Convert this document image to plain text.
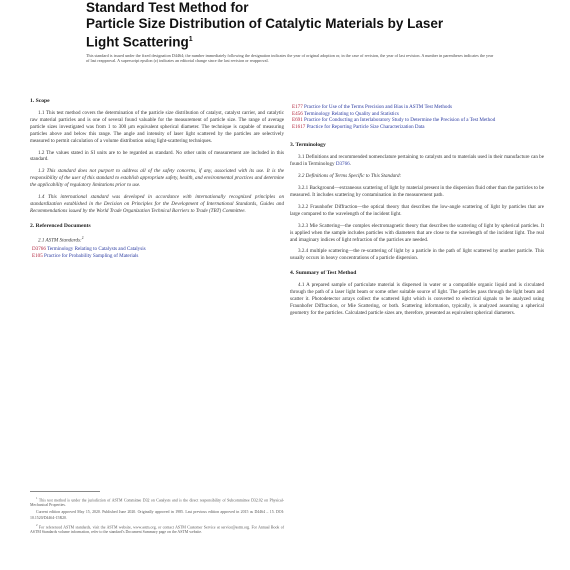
Standard Test Method for
Particle Size Distribution of Catalytic Materials by Laser
Light Scattering$^1$
This standard is issued under the fixed designation D4464; the number immediately following the designation indicates the year of original adoption or, in the case of revision, the year of last revision. A number in parentheses indicates the year of last reapproval. A superscript epsilon (ε) indicates an editorial change since the last revision or reapproval.
1. Scope

1.1 This test method covers the determination of the particle size distribution of catalyst, catalyst carrier, and catalytic raw material particles and is one of several found valuable for the measurement of particle size. The range of average particle sizes investigated was from 1 to 300 μm equivalent spherical diameter. The technique is capable of measuring particles above and below this range. The angle and intensity of laser light scattered by the particles are selectively measured to permit calculation of a volume distribution using light-scattering techniques.

1.2 The values stated in SI units are to be regarded as standard. No other units of measurement are included in this standard.

1.3 This standard does not purport to address all of the safety concerns, if any, associated with its use. It is the responsibility of the user of this standard to establish appropriate safety, health, and environmental practices and determine the applicability of regulatory limitations prior to use.

1.4 This international standard was developed in accordance with internationally recognized principles on standardization established in the Decision on Principles for the Development of International Standards, Guides and Recommendations issued by the World Trade Organization Technical Barriers to Trade (TBT) Committee.

2. Referenced Documents
2.1 ASTM Standards:$^2$

D3766 Terminology Relating to Catalysts and Catalysis

E105 Practice for Probability Sampling of Materials

$^1$ This test method is under the jurisdiction of ASTM Committee D32 on Catalysts and is the direct responsibility of Subcommittee D32.02 on Physical-Mechanical Properties.

Current edition approved May 15, 2020. Published June 2020. Originally approved in 1985. Last previous edition approved in 2015 as D4464 – 15. DOI: 10.1520/D4464-15R20.

$^2$ For referenced ASTM standards, visit the ASTM website, www.astm.org, or contact ASTM Customer Service at service@astm.org. For Annual Book of ASTM Standards volume information, refer to the standard's Document Summary page on the ASTM website.

E177 Practice for Use of the Terms Precision and Bias in ASTM Test Methods

E456 Terminology Relating to Quality and Statistics

E691 Practice for Conducting an Interlaboratory Study to Determine the Precision of a Test Method

E1617 Practice for Reporting Particle Size Characterization Data

3. Terminology

3.1 Definitions and recommended nomenclature pertaining to catalysts and to materials used in their manufacture can be found in Terminology D3766.

3.2 Definitions of Terms Specific to This Standard:

3.2.1 Background—extraneous scattering of light by material present in the dispersion fluid other than the particles to be measured. It includes scattering by contamination in the measurement path.

3.2.2 Fraunhofer Diffraction—the optical theory that describes the low-angle scattering of light by particles that are large compared to the wavelength of the incident light.

3.2.3 Mie Scattering—the complex electromagnetic theory that describes the scattering of light by spherical particles. It is applied when the sample includes particles with diameters that are close to the wavelength of the incident light. The real and imaginary indices of light refraction of the particles are needed.

3.2.4 multiple scattering—the re-scattering of light by a particle in the path of light scattered by another particle. This usually occurs in heavy concentrations of a particle dispersion.

4. Summary of Test Method

4.1 A prepared sample of particulate material is dispersed in water or a compatible organic liquid and is circulated through the path of a laser light beam or some other suitable source of light. The particles pass through the light beam and scatter it. Photodetector arrays collect the scattered light which is converted to electrical signals to be analyzed using Fraunhofer Diffraction, or Mie Scattering, or both. Scattering information, typically, is analyzed assuming a spherical geometry for the particles. Calculated particle sizes are, therefore, presented as equivalent spherical diameters.
